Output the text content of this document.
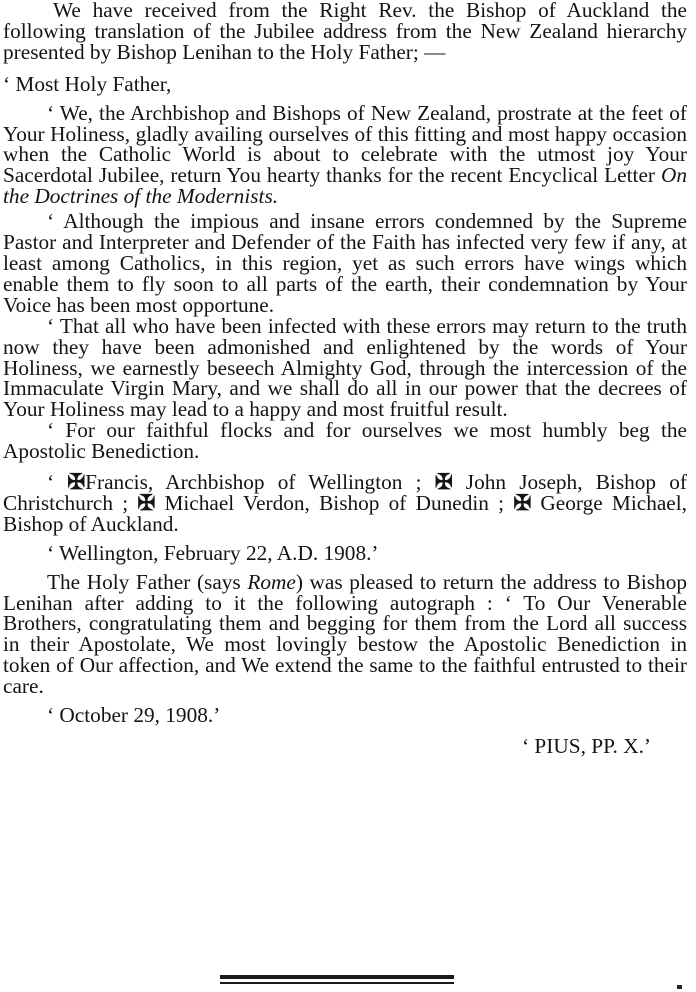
We have received from the Right Rev. the Bishop of Auckland the following translation of the Jubilee address from the New Zealand hierarchy presented by Bishop Lenihan to the Holy Father; —

‘ Most Holy Father,

‘ We, the Archbishop and Bishops of New Zealand, prostrate at the feet of Your Holiness, gladly availing ourselves of this fitting and most happy occasion when the Catholic World is about to celebrate with the utmost joy Your Sacerdotal Jubilee, return You hearty thanks for the recent Encyclical Letter On the Doctrines of the Modernists.

‘ Although the impious and insane errors condemned by the Supreme Pastor and Interpreter and Defender of the Faith has infected very few if any, at least among Catholics, in this region, yet as such errors have wings which enable them to fly soon to all parts of the earth, their condemnation by Your Voice has been most opportune.

‘ That all who have been infected with these errors may return to the truth now they have been admonished and enlightened by the words of Your Holiness, we earnestly beseech Almighty God, through the intercession of the Immaculate Virgin Mary, and we shall do all in our power that the decrees of Your Holiness may lead to a happy and most fruitful result.

‘ For our faithful flocks and for ourselves we most humbly beg the Apostolic Benediction.

‘ ✠Francis, Archbishop of Wellington ; ✠ John Joseph, Bishop of Christchurch ; ✠ Michael Verdon, Bishop of Dunedin ; ✠ George Michael, Bishop of Auckland.

‘ Wellington, February 22, A.D. 1908.’

The Holy Father (says Rome) was pleased to return the address to Bishop Lenihan after adding to it the following autograph : ‘ To Our Venerable Brothers, congratulating them and begging for them from the Lord all success in their Apostolate, We most lovingly bestow the Apostolic Benediction in token of Our affection, and We extend the same to the faithful entrusted to their care.

‘ October 29, 1908.’

‘ PIUS, PP. X.’
